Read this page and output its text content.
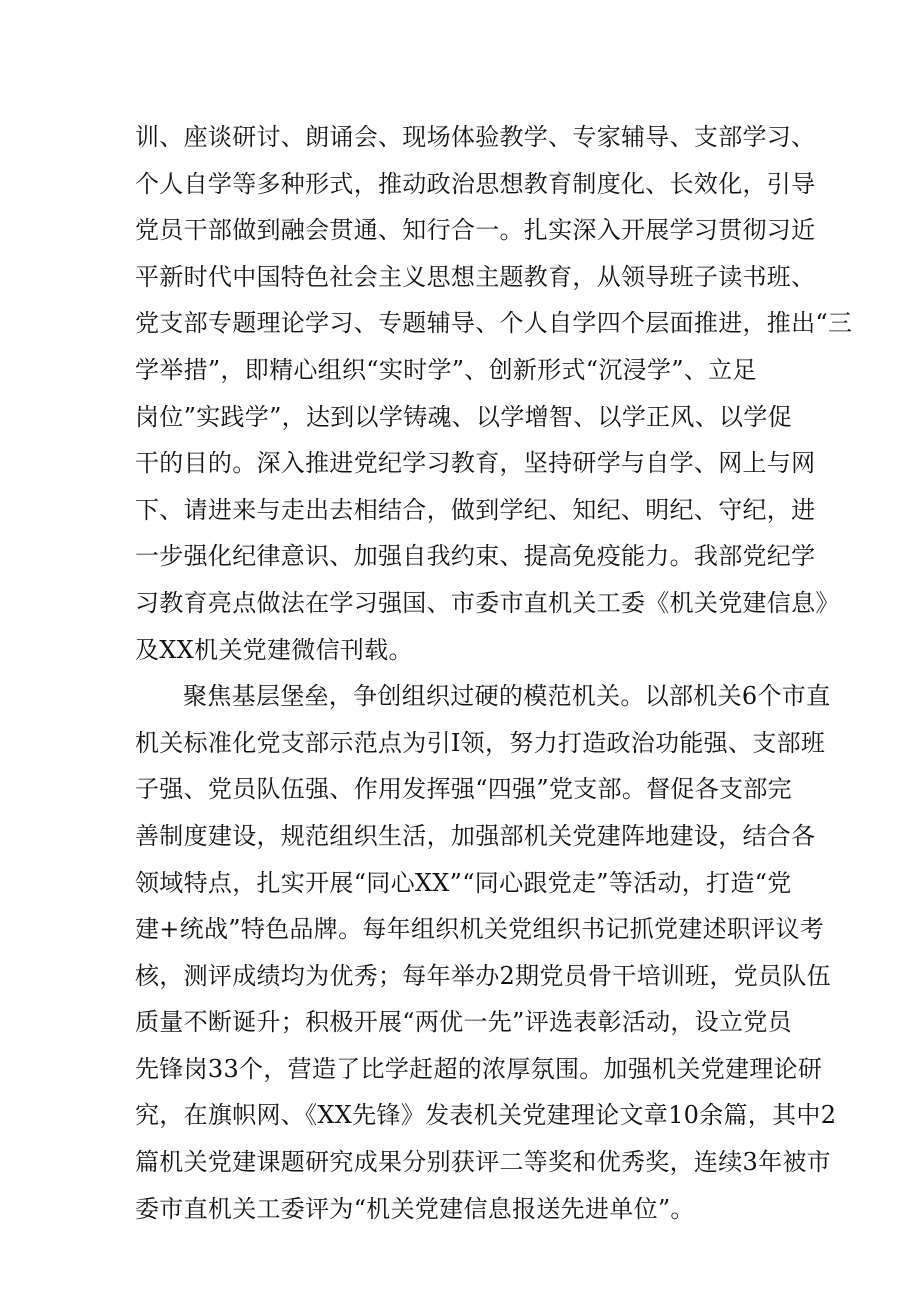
训、座谈研讨、朗诵会、现场体验教学、专家辅导、支部学习、
个人自学等多种形式，推动政治思想教育制度化、长效化，引导
党员干部做到融会贯通、知行合一。扎实深入开展学习贯彻习近
平新时代中国特色社会主义思想主题教育，从领导班子读书班、
党支部专题理论学习、专题辅导、个人自学四个层面推进，推出“三
学举措”，即精心组织“实时学”、创新形式“沉浸学”、立足
岗位”实践学”，达到以学铸魂、以学增智、以学正风、以学促
干的目的。深入推进党纪学习教育，坚持研学与自学、网上与网
下、请进来与走出去相结合，做到学纪、知纪、明纪、守纪，进
一步强化纪律意识、加强自我约束、提高免疫能力。我部党纪学
习教育亮点做法在学习强国、市委市直机关工委《机关党建信息》
及XX机关党建微信刊载。
聚焦基层堡垒，争创组织过硬的模范机关。以部机关6个市直
机关标准化党支部示范点为引I领，努力打造政治功能强、支部班
子强、党员队伍强、作用发挥强“四强”党支部。督促各支部完
善制度建设，规范组织生活，加强部机关党建阵地建设，结合各
领域特点，扎实开展“同心XX”“同心跟党走”等活动，打造“党
建+统战”特色品牌。每年组织机关党组织书记抓党建述职评议考
核，测评成绩均为优秀；每年举办2期党员骨干培训班，党员队伍
质量不断诞升；积极开展“两优一先”评选表彰活动，设立党员
先锋岗33个，营造了比学赶超的浓厚氛围。加强机关党建理论研
究，在旗帜网、《XX先锋》发表机关党建理论文章10余篇，其中2
篇机关党建课题研究成果分别获评二等奖和优秀奖，连续3年被市
委市直机关工委评为“机关党建信息报送先进单位”。
